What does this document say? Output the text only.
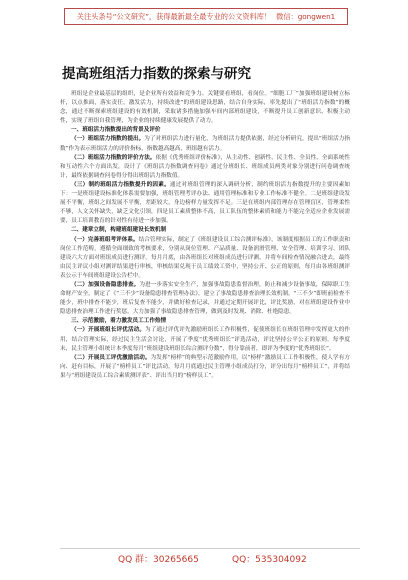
关注头条号“公文研究”，获得最新最全最专业的公文资料库！ 微信：gongwen1
提高班组活力指数的探索与研究

班组是企业最基层的组织，是企业所有效益和竞争力、关键要看班组，看岗位。“细胞工厂”加强班组建设树立标杆，以点推面，落实责任，激发活力，持续改进”的班组建设思路，结合自身实际，率先提出了“班组活力指数”的概念，通过不断探索班组建设的有效机制，采取诸多措施加强车间内部班组建设，不断提升员工创新意识、积极主动性，实现了班组自我管理，为企业的持续健康发展提供了动力。

一、班组活力指数提出的背景及评价

（一）班组活力指数的提出。为了对班组活力进行量化，为班组活力提供依据，经过分析研究，提出“班组活力指数”作为表示班组活力的评价指标，指数越高越高，班组越有活力。

（二）班组活力指数的评价方法。依据《优秀班组评价标准》，从主动性、创新性、民主性、全员性、全面系统性和互动性六个方面出发，设计了《班组活力指数调查问卷》通过分班组长、班组成员两类对象分别进行问卷调查统计，最终依据调查问卷得分得出班组活力指数值。

（三）制约班组活力指数提升的因素。通过对班组管理的深入调研分析，制约班组活力指数提升的主要因素如下：一是班组建设标准化体系需要加强，班组管理考评办法、通用管理标准和专业工作标准不健全。二是班组建设发展不平衡，班组之间发展不平衡，差距较大，身边榜样力量发挥不足。三是在班组内部管理存在管理盲区，管理柔性不够，人文关怀缺失，缺乏文化引领，四是员工素质整体不高，员工队伍的整体素质和能力不能完全适应企业发展需要，员工培训教育的针对性有待进一步加强。

二、建章立制，构建班组建设长效机制

（一）完善班组考评体系。结合管理实际，制定了《班组建设员工综合测评标准》，该制度根据员工的工作职责和岗位工作范畴，遵循全面细致的考核要求，分别从岗位管理、产品质量、设备润滑管理、安全管理、培训学习、团队建设六大方面对班组成员进行测评。每月月底，由各班组长对班组成员进行评测，并将车间检查情况融合进去，最终由民主评议小组对测评结果进行审核，审核结果兑现于员工绩效工资中，坚持公开、公正的原则，每月由各班组测评表公示于车间班组建设公告栏中。

（二）加强设备隐患排查。为进一步落实安全生产，加强事故隐患监督治理，防止和减少设备事故，保障职工生命财产安全，制定了《“三不少”设备隐患排查管理办法》，建立了事故隐患排查治理长效机制。“三不少”即班前检查不能少，班中排查不能少，班后复查不能少，并做好检查记录，并通过定期开展评比，评比奖励，对在班组建设作业中隐患排查治理工作进行奖惩。大力加强了事故隐患排查管理，做到及时发现、消除、杜绝隐患。

三、示范激励，着力激发员工工作热情

（一）开展班组长评优活动。为了通过评优评先激励班组长工作积极性，促使班组长在班组管理中发挥更大的作用，结合管理实际，经过民主生活会讨论，开展了季度“优秀班组长”评选活动，评比坚持公平公正的原则。每季度末，民主管理小组统计本季度每月“班组建设班组长综合测评分数”，得分靠前者，即评为季度的“优秀班组长”。

（二）开展员工评优激励活动。为发挥“榜样”的典型示范激励作用，以“榜样”激励员工工作积极性，使人学有方向、赶有目标，开展了“榜样员工”评比活动，每月月底通过民主管理小组成员打分，评分出每月“榜样员工”，并将结果与“班组建设员工综合素质测评表”、评出当月的“榜样员工”。

QQ 群：30265665	QQ：535304092
